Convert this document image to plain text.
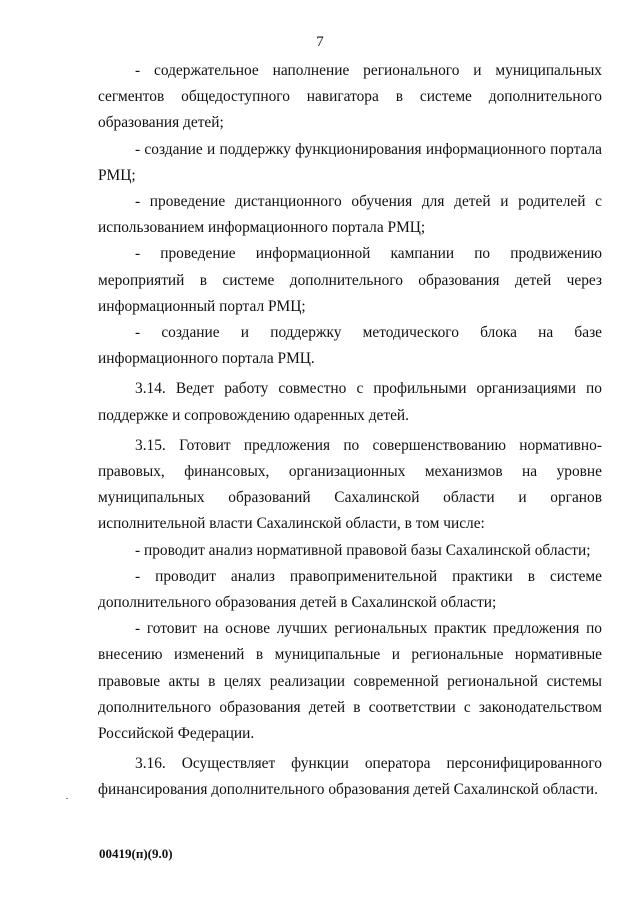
7

- содержательное наполнение регионального и муниципальных сегментов общедоступного навигатора в системе дополнительного образования детей;

- создание и поддержку функционирования информационного портала РМЦ;

- проведение дистанционного обучения для детей и родителей с использованием информационного портала РМЦ;

- проведение информационной кампании по продвижению мероприятий в системе дополнительного образования детей через информационный портал РМЦ;

- создание и поддержку методического блока на базе информационного портала РМЦ.

3.14. Ведет работу совместно с профильными организациями по поддержке и сопровождению одаренных детей.

3.15. Готовит предложения по совершенствованию нормативно-правовых, финансовых, организационных механизмов на уровне муниципальных образований Сахалинской области и органов исполнительной власти Сахалинской области, в том числе:

- проводит анализ нормативной правовой базы Сахалинской области;

- проводит анализ правоприменительной практики в системе дополнительного образования детей в Сахалинской области;

- готовит на основе лучших региональных практик предложения по внесению изменений в муниципальные и региональные нормативные правовые акты в целях реализации современной региональной системы дополнительного образования детей в соответствии с законодательством Российской Федерации.

3.16. Осуществляет функции оператора персонифицированного финансирования дополнительного образования детей Сахалинской области.

00419(п)(9.0)
